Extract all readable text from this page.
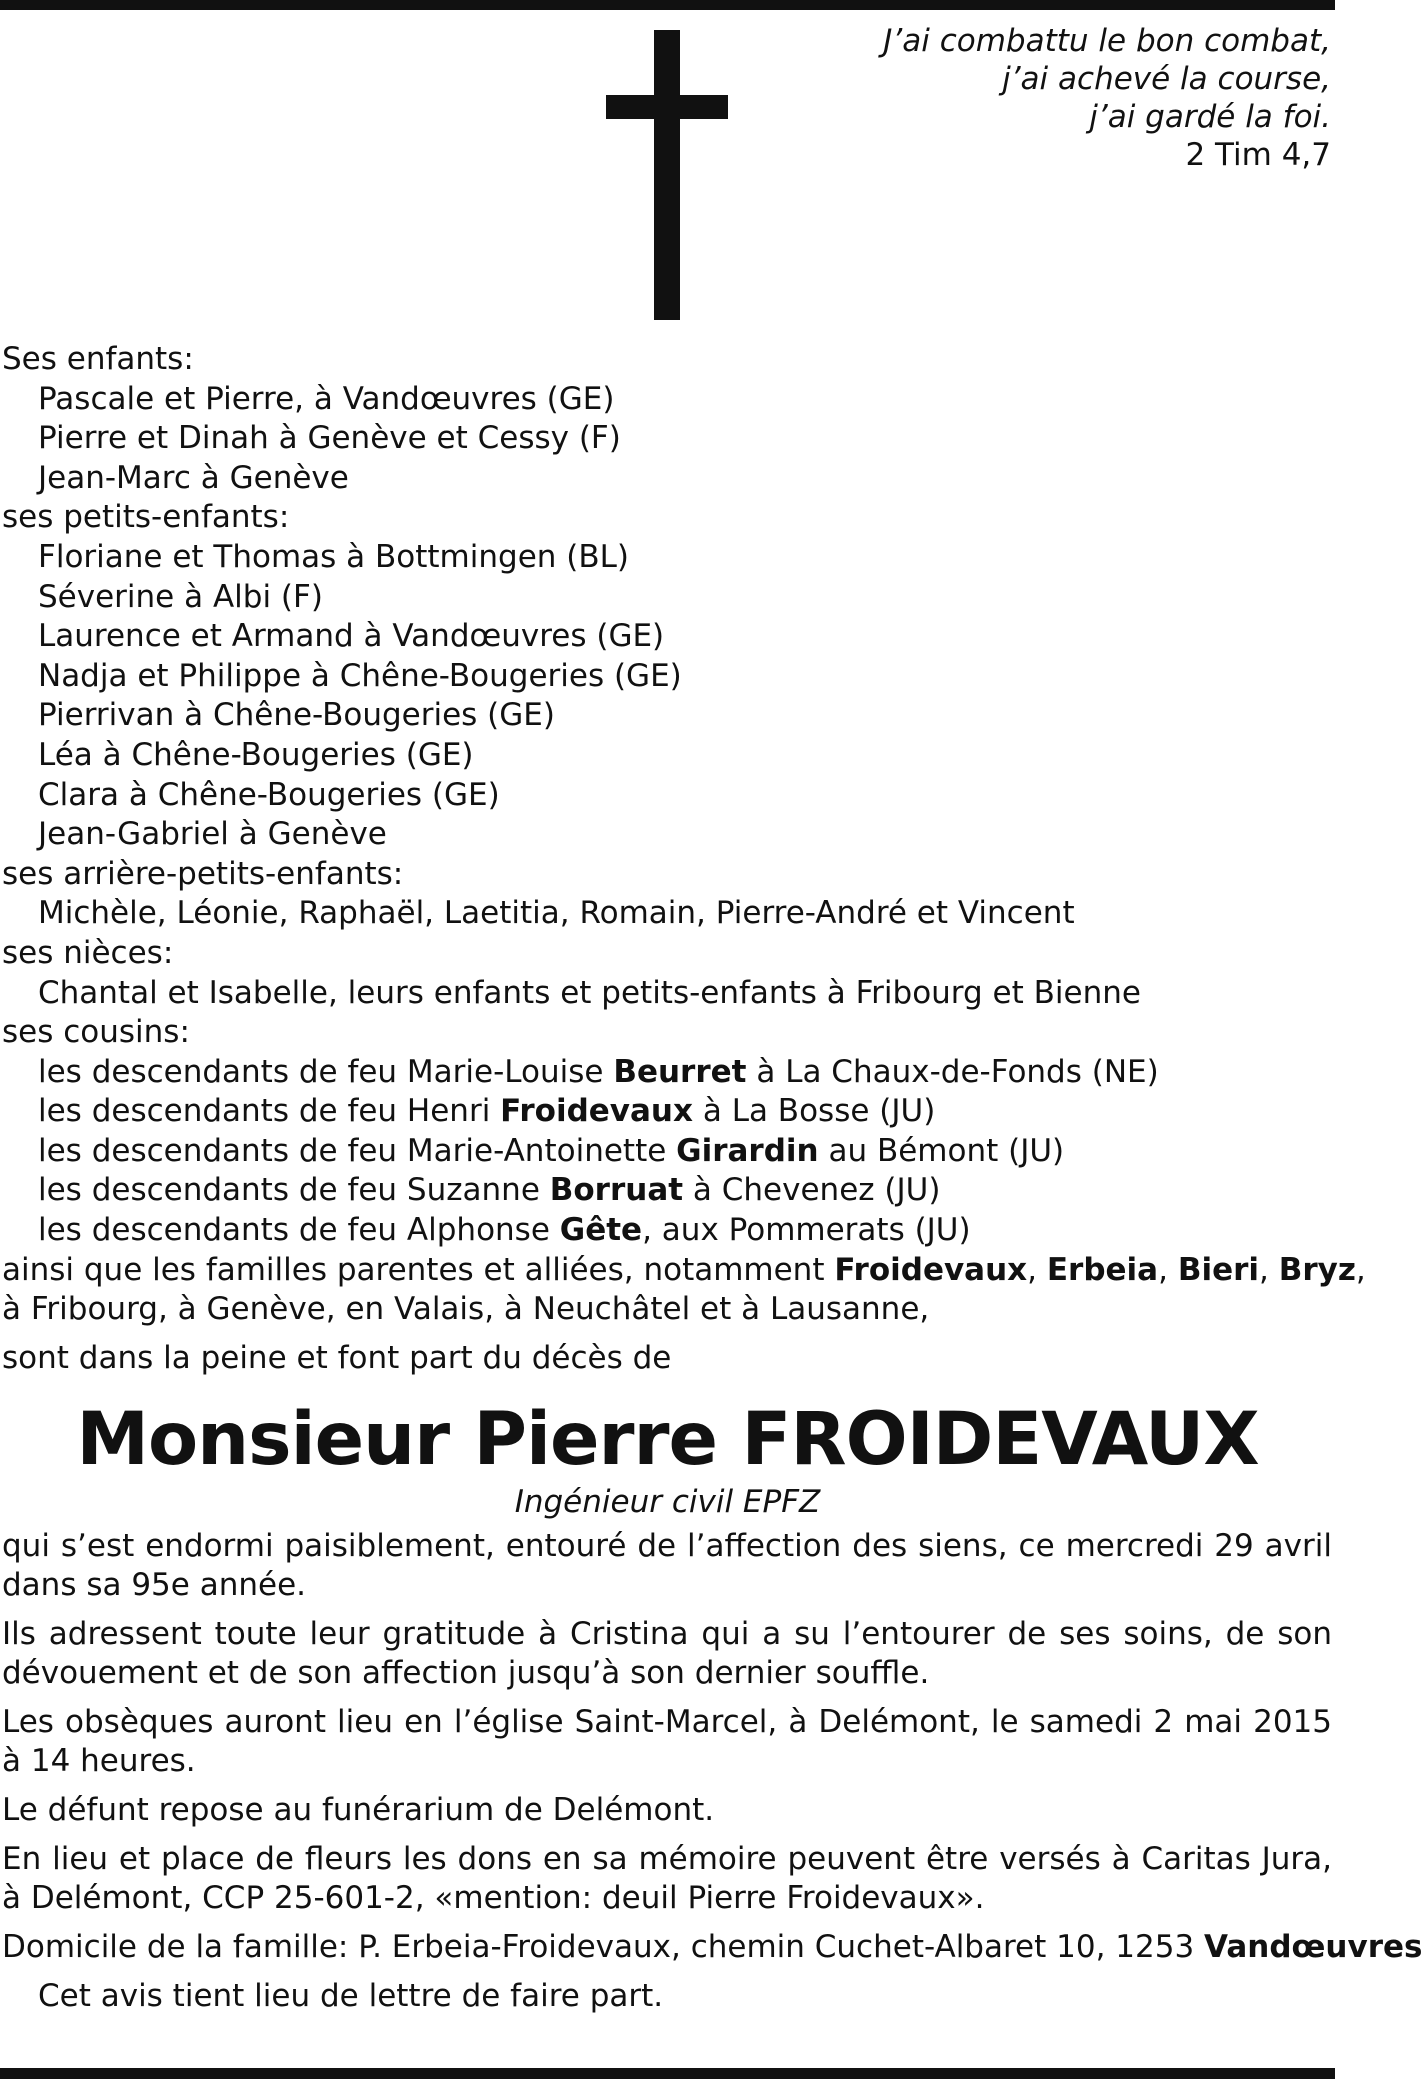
J’ai combattu le bon combat,
j’ai achevé la course,
j’ai gardé la foi.
2 Tim 4,7
Ses enfants:
Pascale et Pierre, à Vandœuvres (GE)
Pierre et Dinah à Genève et Cessy (F)
Jean-Marc à Genève
ses petits-enfants:
Floriane et Thomas à Bottmingen (BL)
Séverine à Albi (F)
Laurence et Armand à Vandœuvres (GE)
Nadja et Philippe à Chêne-Bougeries (GE)
Pierrivan à Chêne-Bougeries (GE)
Léa à Chêne-Bougeries (GE)
Clara à Chêne-Bougeries (GE)
Jean-Gabriel à Genève
ses arrière-petits-enfants:
Michèle, Léonie, Raphaël, Laetitia, Romain, Pierre-André et Vincent
ses nièces:
Chantal et Isabelle, leurs enfants et petits-enfants à Fribourg et Bienne
ses cousins:
les descendants de feu Marie-Louise Beurret à La Chaux-de-Fonds (NE)
les descendants de feu Henri Froidevaux à La Bosse (JU)
les descendants de feu Marie-Antoinette Girardin au Bémont (JU)
les descendants de feu Suzanne Borruat à Chevenez (JU)
les descendants de feu Alphonse Gête, aux Pommerats (JU)
ainsi que les familles parentes et alliées, notamment Froidevaux, Erbeia, Bieri, Bryz,
à Fribourg, à Genève, en Valais, à Neuchâtel et à Lausanne,
sont dans la peine et font part du décès de
Monsieur Pierre FROIDEVAUX
Ingénieur civil EPFZ

qui s’est endormi paisiblement, entouré de l’affection des siens, ce mercredi 29 avril dans sa 95e année.

Ils adressent toute leur gratitude à Cristina qui a su l’entourer de ses soins, de son dévouement et de son affection jusqu’à son dernier souffle.

Les obsèques auront lieu en l’église Saint-Marcel, à Delémont, le samedi 2 mai 2015 à 14 heures.

Le défunt repose au funérarium de Delémont.

En lieu et place de fleurs les dons en sa mémoire peuvent être versés à Caritas Jura, à Delémont, CCP 25-601-2, «mention: deuil Pierre Froidevaux».

Domicile de la famille: P. Erbeia-Froidevaux, chemin Cuchet-Albaret 10, 1253 Vandœuvres

Cet avis tient lieu de lettre de faire part.
